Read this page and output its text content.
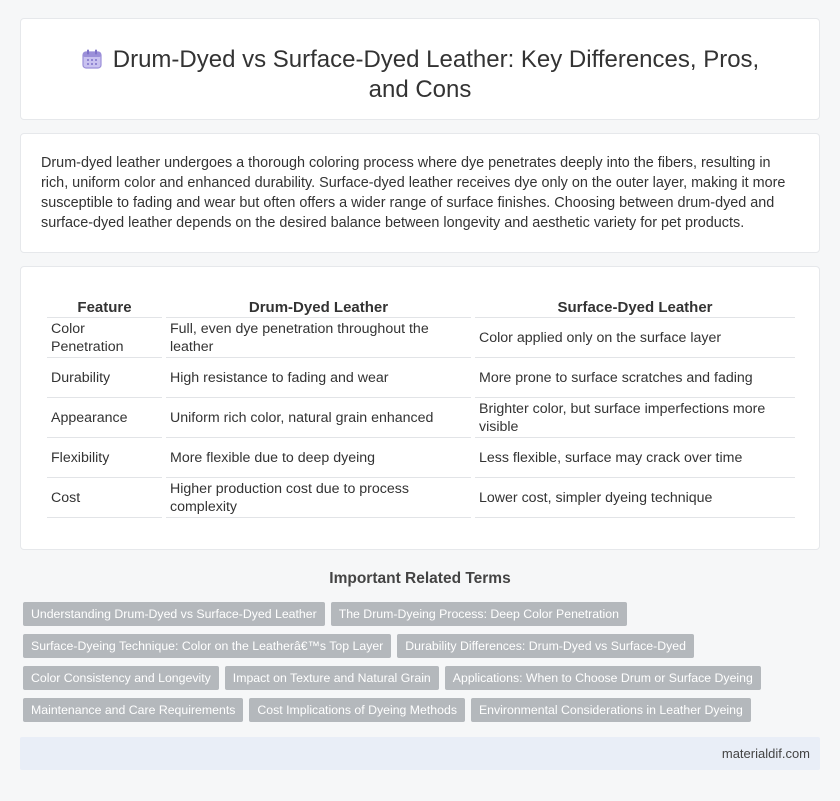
Drum-Dyed vs Surface-Dyed Leather: Key Differences, Pros, and Cons

Drum-dyed leather undergoes a thorough coloring process where dye penetrates deeply into the fibers, resulting in rich, uniform color and enhanced durability. Surface-dyed leather receives dye only on the outer layer, making it more susceptible to fading and wear but often offers a wider range of surface finishes. Choosing between drum-dyed and surface-dyed leather depends on the desired balance between longevity and aesthetic variety for pet products.

Feature	Drum-Dyed Leather	Surface-Dyed Leather
Color Penetration	Full, even dye penetration throughout the leather	Color applied only on the surface layer
Durability	High resistance to fading and wear	More prone to surface scratches and fading
Appearance	Uniform rich color, natural grain enhanced	Brighter color, but surface imperfections more visible
Flexibility	More flexible due to deep dyeing	Less flexible, surface may crack over time
Cost	Higher production cost due to process complexity	Lower cost, simpler dyeing technique
Important Related Terms
Understanding Drum-Dyed vs Surface-Dyed Leather The Drum-Dyeing Process: Deep Color Penetration
Surface-Dyeing Technique: Color on the Leatherâ€™s Top Layer Durability Differences: Drum-Dyed vs Surface-Dyed
Color Consistency and Longevity Impact on Texture and Natural Grain Applications: When to Choose Drum or Surface Dyeing
Maintenance and Care Requirements Cost Implications of Dyeing Methods Environmental Considerations in Leather Dyeing
materialdif.com
